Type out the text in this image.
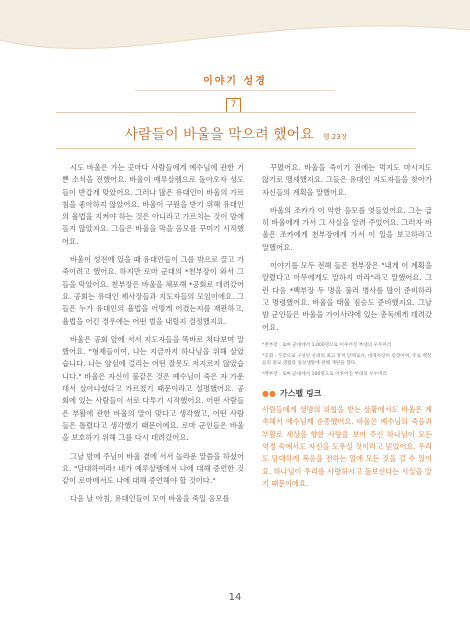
이야기 성경
7
사람들이 바울을 막으려 했어요 행 23장

시도 바울은 가는 곳마다 사람들에게 예수님에 관한 기쁜 소식을 전했어요. 바울이 예루살렘으로 돌아오자 성도들이 반갑게 맞았어요. 그러나 많은 유대인이 바울의 가르침을 좋아하지 않았어요. 바울이 구원을 받기 위해 유대인의 율법을 지켜야 하는 것은 아니라고 가르치는 것이 맘에 들지 않았지요. 그들은 바울을 막을 음모를 꾸미기 시작했어요.

바울이 성전에 있을 때 유대인들이 그를 밖으로 끌고 가 죽이려고 했어요. 하지만 로마 군대의 *천부장이 와서 그들을 막았어요. 천부장은 바울을 체포해 *공회로 데려갔어요. 공회는 유대인 제사장들과 지도자들의 모임이에요. 그들은 누가 유대인의 율법을 어떻게 어겼는지를 재판하고, 율법을 어긴 경우에는 어떤 벌을 내릴지 결정했지요.

바울은 공회 앞에 서서 지도자들을 똑바로 쳐다보며 말했어요. "형제들이여, 나는 지금까지 하나님을 위해 살았습니다. 나는 양심에 걸리는 어떤 잘못도 저지르지 않았습니다." 바울은 자신이 불같은 것은 예수님이 죽은 자 가운데서 살아나셨다고 가르쳤기 때문이라고 설명했어요. 공회에 있는 사람들이 서로 다투기 시작했어요. 어떤 사람들은 부활에 관한 바울의 말이 맞다고 생각했고, 어떤 사람들은 틀렸다고 생각했기 때문이에요. 로마 군인들은 바울을 보호하기 위해 그를 다시 데려갔어요.

그날 밤에 주님이 바울 곁에 서서 놀라운 말씀을 하셨어요. "담대하여라! 네가 예루살렘에서 나에 대해 증언한 것 같이 로마에서도 나에 대해 증언해야 할 것이다."

다음 날 아침, 유대인들이 모여 바울을 죽일 음모를

꾸몄어요. 바울을 죽이기 전에는 먹지도 마시지도 않기로 맹세했지요. 그들은 유대인 지도자들을 찾아가 자신들의 계획을 말했어요.

바울의 조카가 이 악한 음모를 엿들었어요. 그는 급히 바울에게 가서 그 사실을 알려 주었어요. 그러자 바울은 조카에게 천부장에게 가서 이 일을 보고하라고 말했어요.

이야기를 모두 전해 들은 천부장은 "내게 이 계획을 알렸다고 아무에게도 말하지 마라"라고 말했어요. 그런 다음 *백부장 두 명을 불러 병사를 많이 준비하라고 명령했어요. 바울을 태울 짐승도 준비했지요. 그날 밤 군인들은 바울을 가이사랴에 있는 총독에게 데려갔어요.

*천부장 : 로마 군대에서 1,000명으로 이루어진 부대의 우두머리
*공회 : 가장으로 구성된 유대의 최고 통치 단체로서, 대제사장이 의장이며, 주로 백성들의 종교 생활과 일상생활에 관해 재판을 했다.
*백부장 : 로마 군대에서 100명으로 이루어진 부대의 우두머리
●● 가스펠 링크
사람들에게 생명의 위협을 받는 상황에서도 바울은 계속해서 예수님께 순종했어요. 바울은 예수님의 죽음과 부활로 세상을 향한 사랑을 보여 주신 하나님이 모든 역경 속에서도 자신을 도우실 것이라고 믿었어요. 우리도 담대하게 복음을 전하는 일에 모든 것을 걸 수 있어요. 하나님이 우리를 사랑하시고 돌보신다는 사실을 알기 때문이에요.
14
